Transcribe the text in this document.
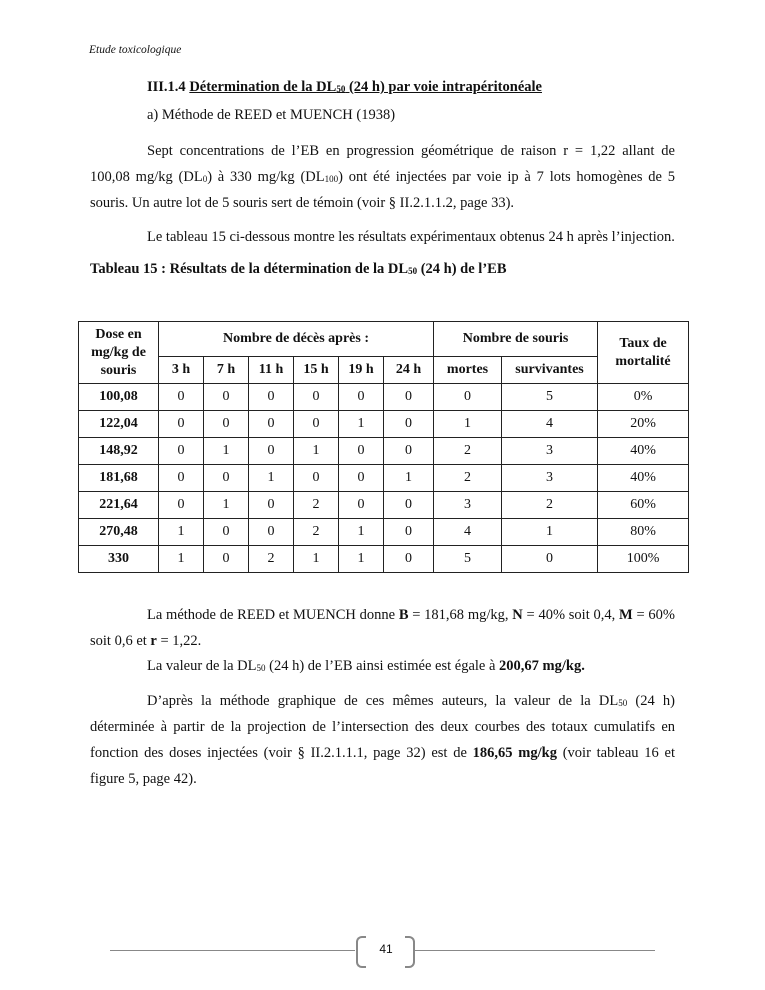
Etude toxicologique

III.1.4 Détermination de la $DL_{50}$ (24 h) par voie intrapéritonéale

a) Méthode de REED et MUENCH (1938)

Sept concentrations de l’EB en progression géométrique de raison r = 1,22 allant de 100,08 mg/kg $(DL_0)$ à 330 mg/kg $(DL_{100})$ ont été injectées par voie ip à 7 lots homogènes de 5 souris. Un autre lot de 5 souris sert de témoin (voir § II.2.1.1.2, page 33).

Le tableau 15 ci-dessous montre les résultats expérimentaux obtenus 24 h après l’injection.

Tableau 15 : Résultats de la détermination de la $DL_{50}$ (24 h) de l’EB

Dose en mg/kg de souris	Nombre de décès après :						Nombre de souris		Taux de mortalité
	3 h	7 h	11 h	15 h	19 h	24 h	mortes	survivantes	
100,08	0	0	0	0	0	0	0	5	0%
122,04	0	0	0	0	1	0	1	4	20%
148,92	0	1	0	1	0	0	2	3	40%
181,68	0	0	1	0	0	1	2	3	40%
221,64	0	1	0	2	0	0	3	2	60%
270,48	1	0	0	2	1	0	4	1	80%
330	1	0	2	1	1	0	5	0	100%

La méthode de REED et MUENCH donne B = 181,68 mg/kg, N = 40% soit 0,4, M = 60% soit 0,6 et r = 1,22.

La valeur de la $DL_{50}$ (24 h) de l’EB ainsi estimée est égale à 200,67 mg/kg.

D’après la méthode graphique de ces mêmes auteurs, la valeur de la $DL_{50}$ (24 h) déterminée à partir de la projection de l’intersection des deux courbes des totaux cumulatifs en fonction des doses injectées (voir § II.2.1.1.1, page 32) est de 186,65 mg/kg (voir tableau 16 et figure 5, page 42).

41
